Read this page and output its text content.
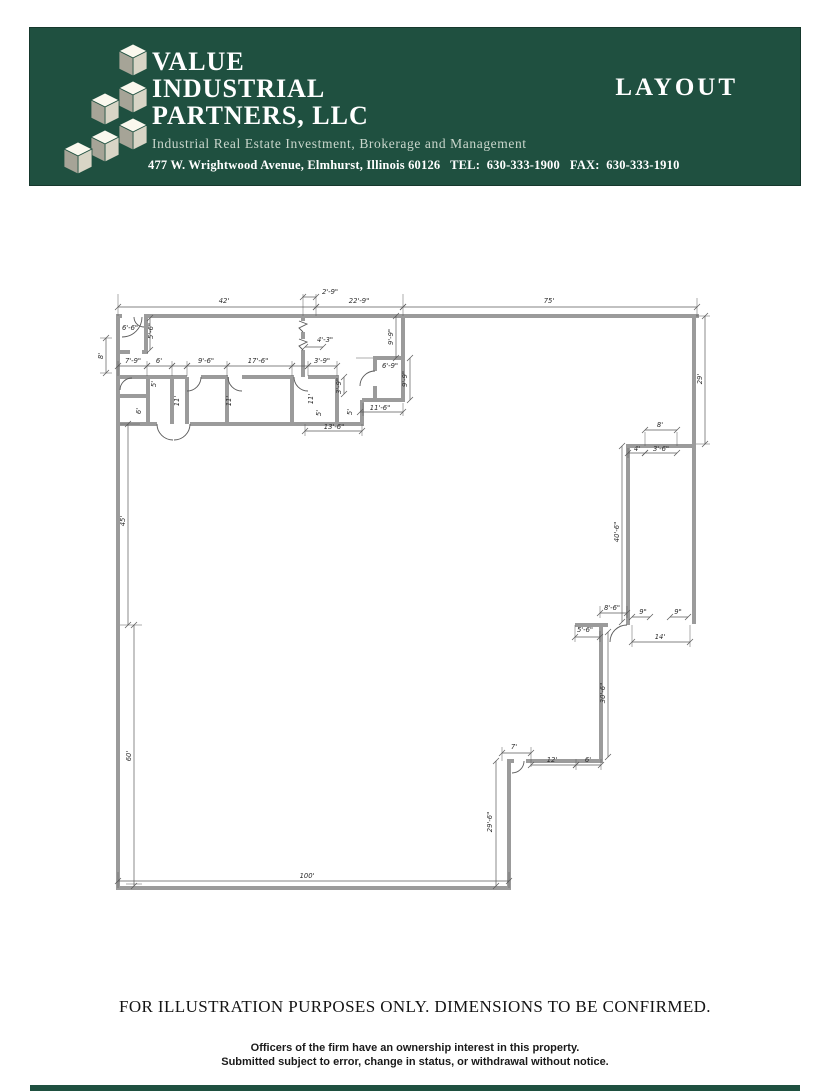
VALUE
INDUSTRIAL
PARTNERS, LLC
Industrial Real Estate Investment, Brokerage and Management
477 W. Wrightwood Avenue, Elmhurst, Illinois 60126   TEL:  630-333-1900   FAX:  630-333-1910
LAYOUT
42'
2'-9"
22'-9"	75'
7'-9" 6'	9'-6"	17'-6"	3'-9"
4'-3"
6'-6" 5'-6"
8'
45'
60'
100'
29'-6"
7'
12'	6'
30'-6"
5'-6"
8'-6"	9"	9"
14'
40'-6"
29'
8'
4' 3'-6"
9'-9"
9'-9"
6'-9"
11'-6"
13'-6"
3'-9"
5'
6'
11'	11'	11'
5'	5'
FOR ILLUSTRATION PURPOSES ONLY. DIMENSIONS TO BE CONFIRMED.
Officers of the firm have an ownership interest in this property.
Submitted subject to error, change in status, or withdrawal without notice.
